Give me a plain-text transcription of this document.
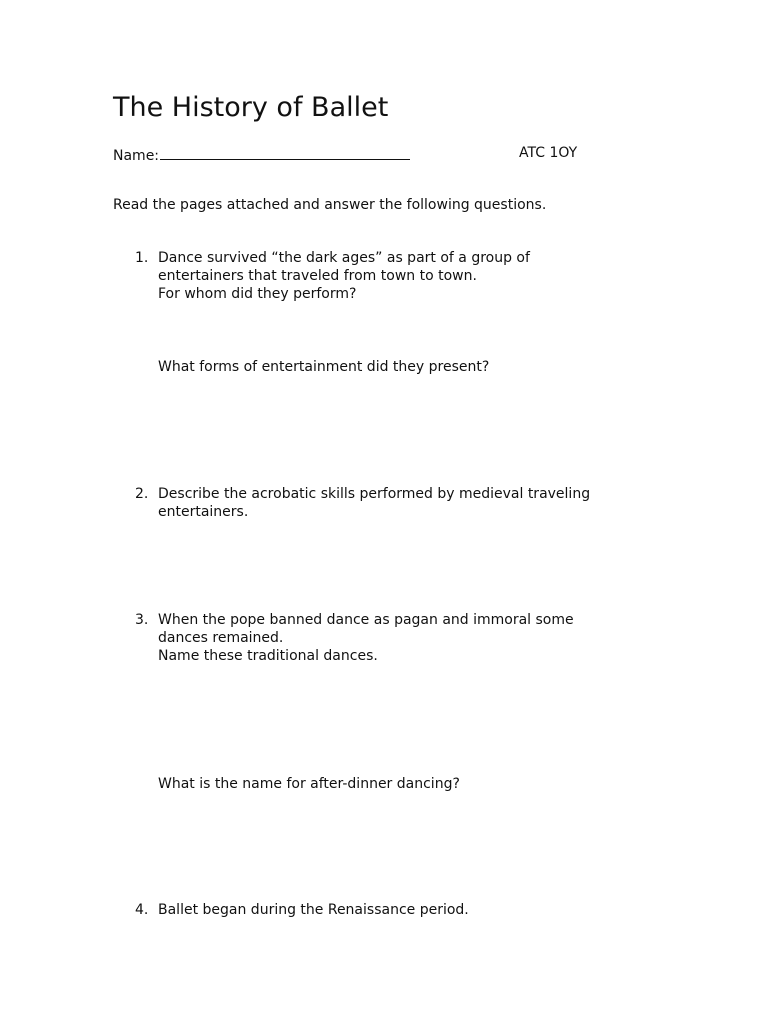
The History of Ballet
Name:	ATC 1OY
Read the pages attached and answer the following questions.
1. Dance survived “the dark ages” as part of a group of
entertainers that traveled from town to town.
For whom did they perform?
What forms of entertainment did they present?
2. Describe the acrobatic skills performed by medieval traveling
entertainers.
3. When the pope banned dance as pagan and immoral some
dances remained.
Name these traditional dances.
What is the name for after-dinner dancing?
4. Ballet began during the Renaissance period.
